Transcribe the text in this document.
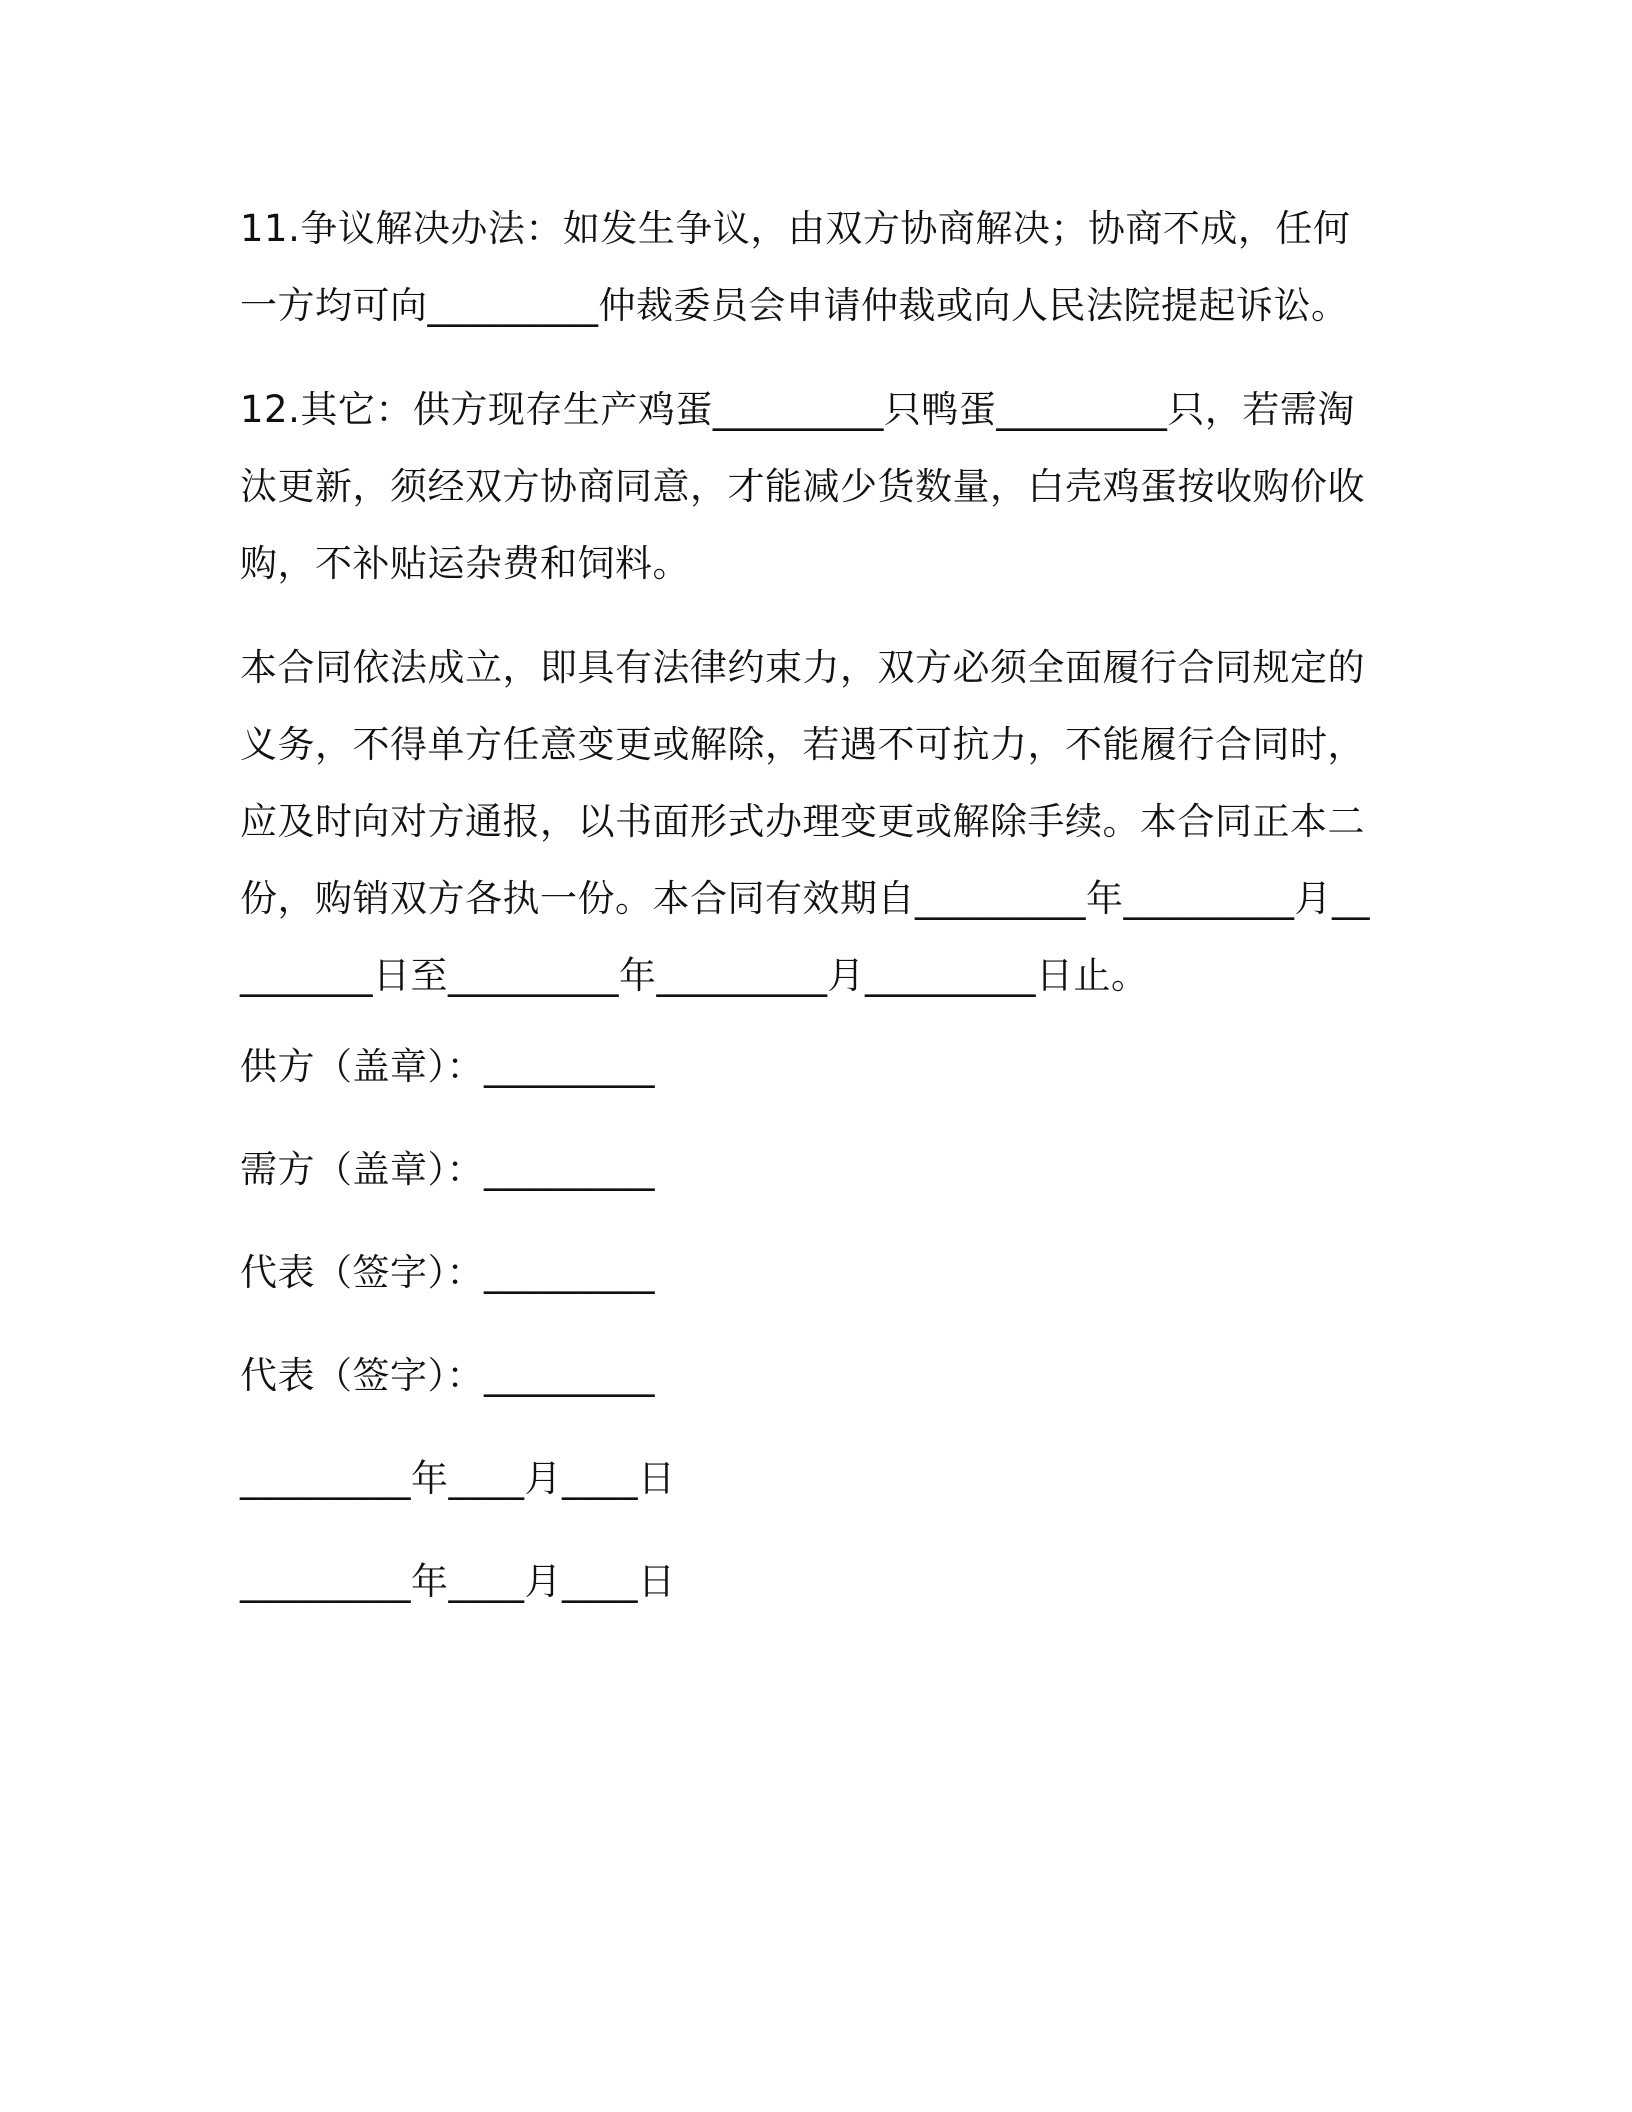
11.争议解决办法：如发生争议，由双方协商解决；协商不成，任何一方均可向_________仲裁委员会申请仲裁或向人民法院提起诉讼。

12.其它：供方现存生产鸡蛋_________只鸭蛋_________只，若需淘汰更新，须经双方协商同意，才能减少货数量，白壳鸡蛋按收购价收购，不补贴运杂费和饲料。

本合同依法成立，即具有法律约束力，双方必须全面履行合同规定的义务，不得单方任意变更或解除，若遇不可抗力，不能履行合同时，应及时向对方通报，以书面形式办理变更或解除手续。本合同正本二份，购销双方各执一份。本合同有效期自_________年_________月_________日至_________年_________月_________日止。

供方（盖章）：_________
需方（盖章）：_________
代表（签字）：_________
代表（签字）：_________
_________年____月____日
_________年____月____日
